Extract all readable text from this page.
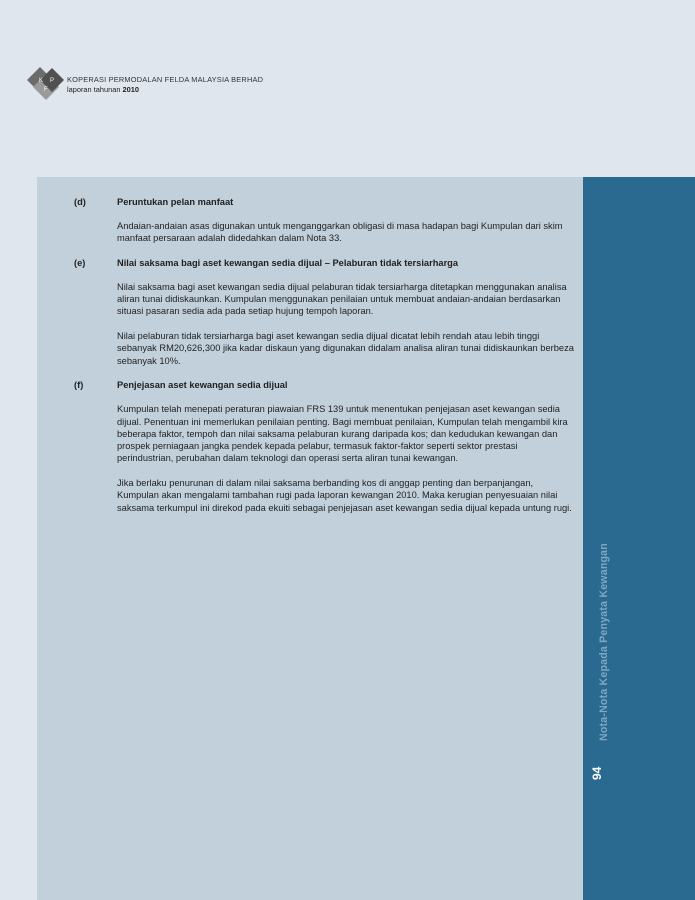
K P
F
KOPERASI PERMODALAN FELDA MALAYSIA BERHAD
laporan tahunan 2010
Nota-Nota Kepada Penyata Kewangan
94
(d)	Peruntukan pelan manfaat

Andaian-andaian asas digunakan untuk menganggarkan obligasi di masa hadapan bagi Kumpulan dari skim manfaat persaraan adalah didedahkan dalam Nota 33.

(e)	Nilai saksama bagi aset kewangan sedia dijual – Pelaburan tidak tersiarharga

Nilai saksama bagi aset kewangan sedia dijual pelaburan tidak tersiarharga ditetapkan menggunakan analisa aliran tunai didiskaunkan. Kumpulan menggunakan penilaian untuk membuat andaian-andaian berdasarkan situasi pasaran sedia ada pada setiap hujung tempoh laporan.

Nilai pelaburan tidak tersiarharga bagi aset kewangan sedia dijual dicatat lebih rendah atau lebih tinggi sebanyak RM20,626,300 jika kadar diskaun yang digunakan didalam analisa aliran tunai didiskaunkan berbeza sebanyak 10%.

(f)	Penjejasan aset kewangan sedia dijual

Kumpulan telah menepati peraturan piawaian FRS 139 untuk menentukan penjejasan aset kewangan sedia dijual. Penentuan ini memerlukan penilaian penting. Bagi membuat penilaian, Kumpulan telah mengambil kira beberapa faktor, tempoh dan nilai saksama pelaburan kurang daripada kos; dan kedudukan kewangan dan prospek perniagaan jangka pendek kepada pelabur, termasuk faktor-faktor seperti sektor prestasi perindustrian, perubahan dalam teknologi dan operasi serta aliran tunai kewangan.

Jika berlaku penurunan di dalam nilai saksama berbanding kos di anggap penting dan berpanjangan, Kumpulan akan mengalami tambahan rugi pada laporan kewangan 2010. Maka kerugian penyesuaian nilai saksama terkumpul ini direkod pada ekuiti sebagai penjejasan aset kewangan sedia dijual kepada untung rugi.
